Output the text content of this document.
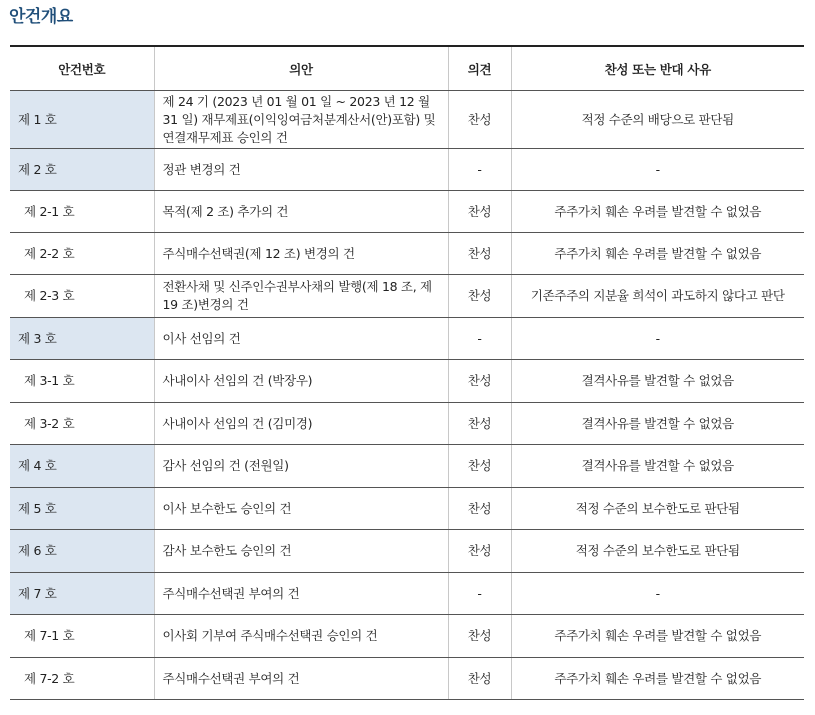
안건개요
안건번호	의안	의견	찬성 또는 반대 사유
제 1 호	제 24 기 (2023 년 01 월 01 일 ~ 2023 년 12 월 31 일) 재무제표(이익잉여금처분계산서(안)포함) 및 연결재무제표 승인의 건	찬성	적정 수준의 배당으로 판단됨
제 2 호	정관 변경의 건	-	-
제 2-1 호	목적(제 2 조) 추가의 건	찬성	주주가치 훼손 우려를 발견할 수 없었음
제 2-2 호	주식매수선택권(제 12 조) 변경의 건	찬성	주주가치 훼손 우려를 발견할 수 없었음
제 2-3 호	전환사채 및 신주인수권부사채의 발행(제 18 조, 제 19 조)변경의 건	찬성	기존주주의 지분율 희석이 과도하지 않다고 판단
제 3 호	이사 선임의 건	-	-
제 3-1 호	사내이사 선임의 건 (박장우)	찬성	결격사유를 발견할 수 없었음
제 3-2 호	사내이사 선임의 건 (김미경)	찬성	결격사유를 발견할 수 없었음
제 4 호	감사 선임의 건 (전원일)	찬성	결격사유를 발견할 수 없었음
제 5 호	이사 보수한도 승인의 건	찬성	적정 수준의 보수한도로 판단됨
제 6 호	감사 보수한도 승인의 건	찬성	적정 수준의 보수한도로 판단됨
제 7 호	주식매수선택권 부여의 건	-	-
제 7-1 호	이사회 기부여 주식매수선택권 승인의 건	찬성	주주가치 훼손 우려를 발견할 수 없었음
제 7-2 호	주식매수선택권 부여의 건	찬성	주주가치 훼손 우려를 발견할 수 없었음
